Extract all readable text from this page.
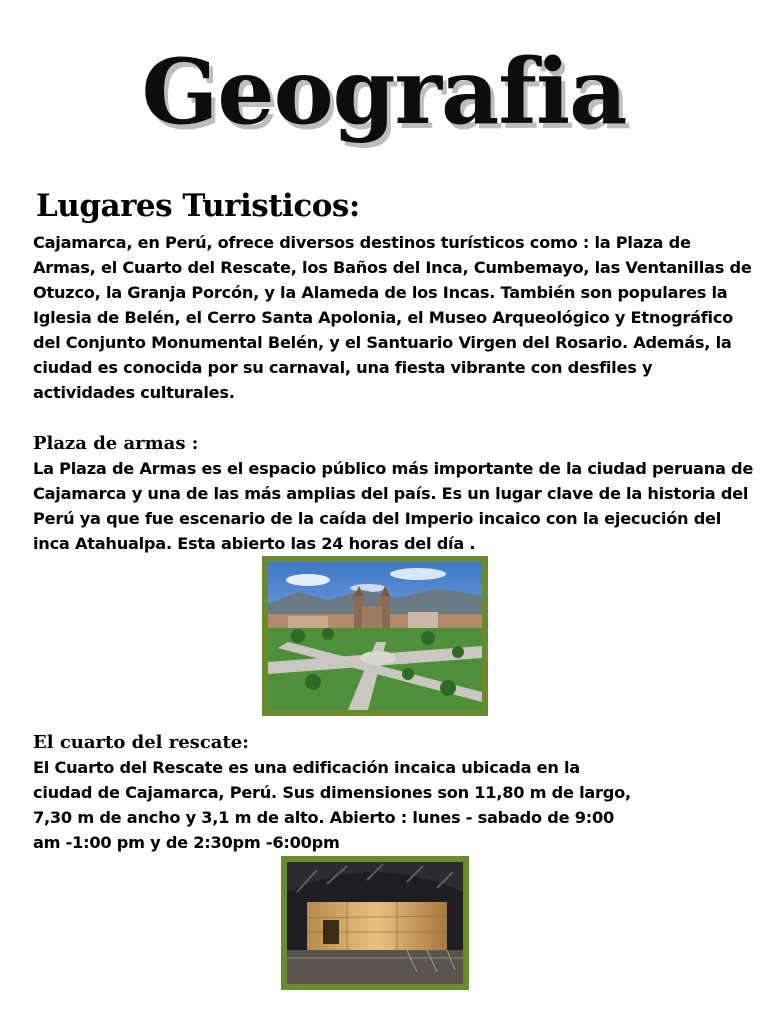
Geografia
Lugares Turisticos:
Cajamarca, en Perú, ofrece diversos destinos turísticos como : la Plaza de Armas, el Cuarto del Rescate, los Baños del Inca, Cumbemayo, las Ventanillas de Otuzco, la Granja Porcón, y la Alameda de los Incas. También son populares la Iglesia de Belén, el Cerro Santa Apolonia, el Museo Arqueológico y Etnográfico del Conjunto Monumental Belén, y el Santuario Virgen del Rosario. Además, la ciudad es conocida por su carnaval, una fiesta vibrante con desfiles y actividades culturales.
Plaza de armas :
La Plaza de Armas es el espacio público más importante de la ciudad peruana de Cajamarca y una de las más amplias del país. Es un lugar clave de la historia del Perú ya que fue escenario de la caída del Imperio incaico con la ejecución del inca Atahualpa. Esta abierto las 24 horas del día .
El cuarto del rescate:
El Cuarto del Rescate es una edificación incaica ubicada en la ciudad de Cajamarca, Perú. Sus dimensiones son 11,80 m de largo, 7,30 m de ancho y 3,1 m de alto. Abierto : lunes - sabado de 9:00 am -1:00 pm y de 2:30pm -6:00pm
